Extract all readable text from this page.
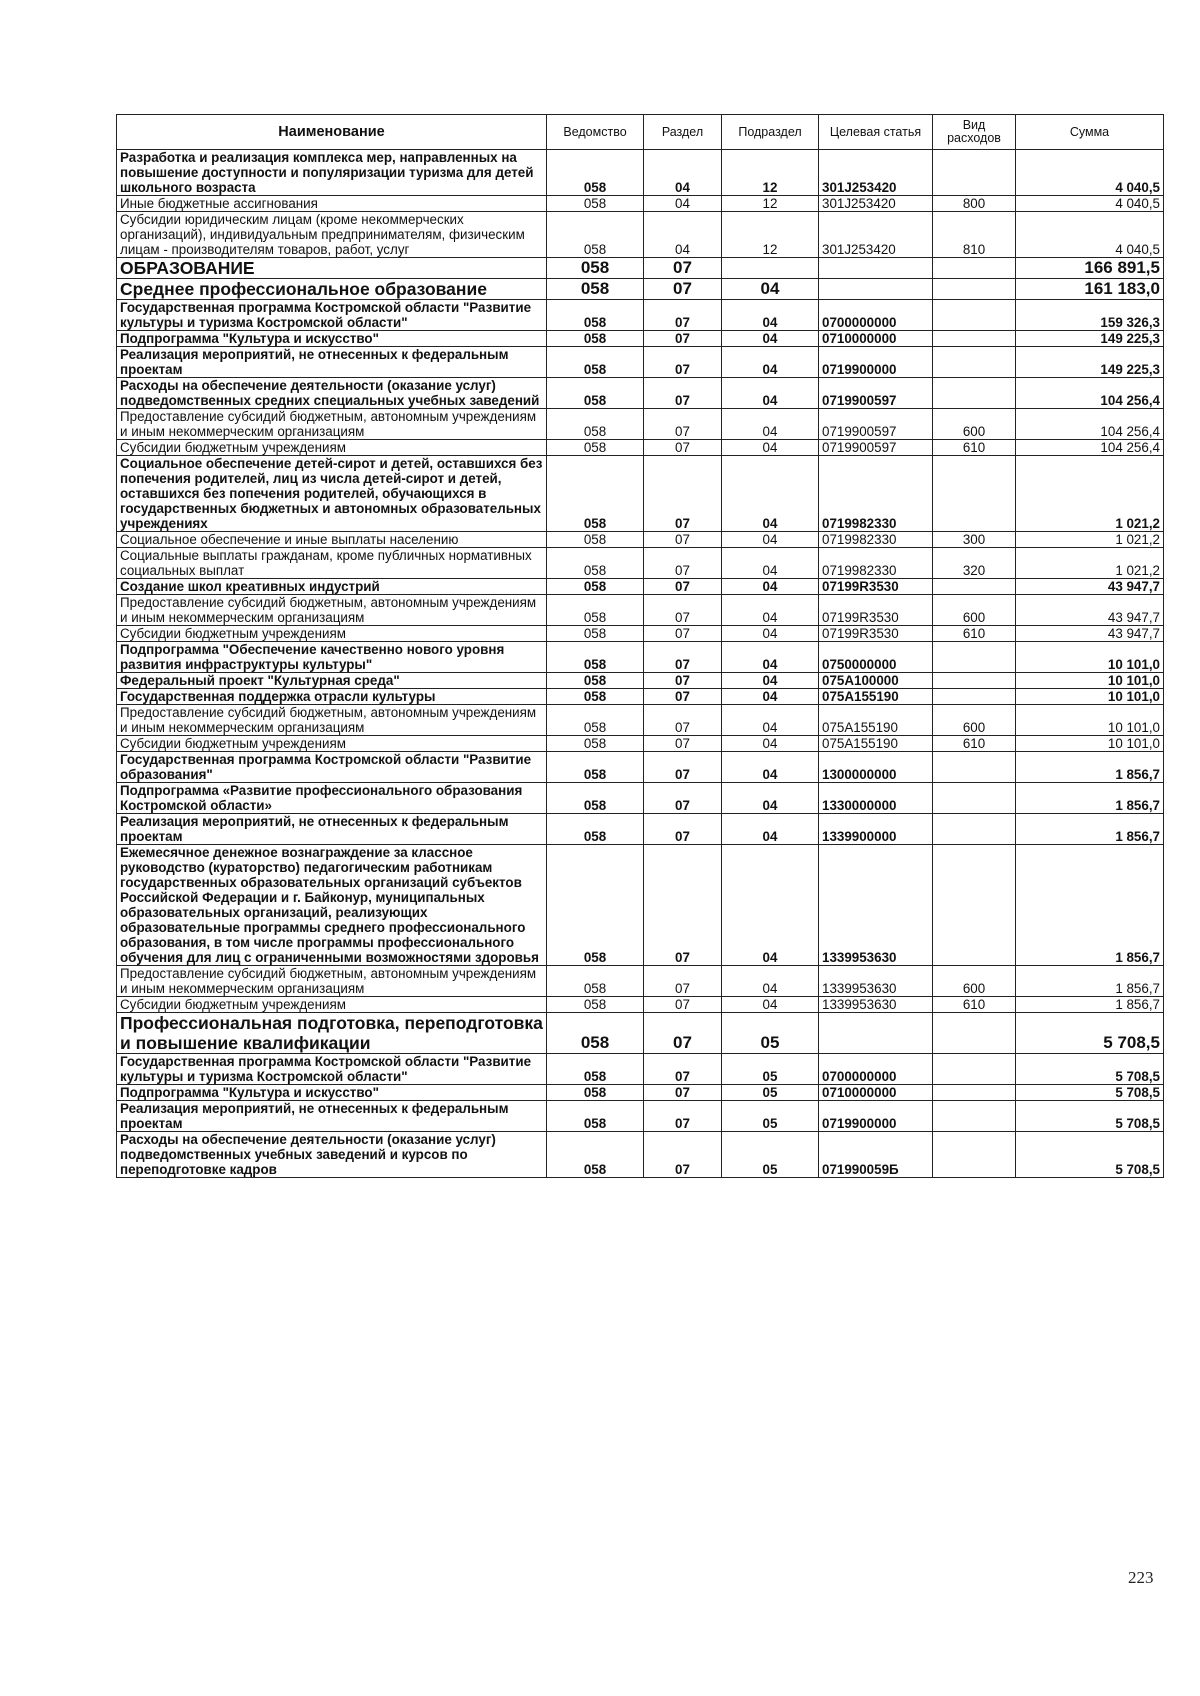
Наименование	Ведомство	Раздел	Подраздел	Целевая статья	Вид расходов	Сумма
Разработка и реализация комплекса мер, направленных на повышение доступности и популяризации туризма для детей школьного возраста	058	04	12	301J253420		4 040,5
Иные бюджетные ассигнования	058	04	12	301J253420	800	4 040,5
Субсидии юридическим лицам (кроме некоммерческих организаций), индивидуальным предпринимателям, физическим лицам - производителям товаров, работ, услуг	058	04	12	301J253420	810	4 040,5
ОБРАЗОВАНИЕ	058	07				166 891,5
Среднее профессиональное образование	058	07	04			161 183,0
Государственная программа Костромской области "Развитие культуры и туризма Костромской области"	058	07	04	0700000000		159 326,3
Подпрограмма "Культура и искусство"	058	07	04	0710000000		149 225,3
Реализация мероприятий, не отнесенных к федеральным проектам	058	07	04	0719900000		149 225,3
Расходы на обеспечение деятельности (оказание услуг) подведомственных средних специальных учебных заведений	058	07	04	0719900597		104 256,4
Предоставление субсидий бюджетным, автономным учреждениям и иным некоммерческим организациям	058	07	04	0719900597	600	104 256,4
Субсидии бюджетным учреждениям	058	07	04	0719900597	610	104 256,4
Социальное обеспечение детей-сирот и детей, оставшихся без попечения родителей, лиц из числа детей-сирот и детей, оставшихся без попечения родителей, обучающихся в государственных бюджетных и автономных образовательных учреждениях	058	07	04	0719982330		1 021,2
Социальное обеспечение и иные выплаты населению	058	07	04	0719982330	300	1 021,2
Социальные выплаты гражданам, кроме публичных нормативных социальных выплат	058	07	04	0719982330	320	1 021,2
Создание школ креативных индустрий	058	07	04	07199R3530		43 947,7
Предоставление субсидий бюджетным, автономным учреждениям и иным некоммерческим организациям	058	07	04	07199R3530	600	43 947,7
Субсидии бюджетным учреждениям	058	07	04	07199R3530	610	43 947,7
Подпрограмма "Обеспечение качественно нового уровня развития инфраструктуры культуры"	058	07	04	0750000000		10 101,0
Федеральный проект "Культурная среда"	058	07	04	075A100000		10 101,0
Государственная поддержка отрасли культуры	058	07	04	075A155190		10 101,0
Предоставление субсидий бюджетным, автономным учреждениям и иным некоммерческим организациям	058	07	04	075A155190	600	10 101,0
Субсидии бюджетным учреждениям	058	07	04	075A155190	610	10 101,0
Государственная программа Костромской области "Развитие образования"	058	07	04	1300000000		1 856,7
Подпрограмма «Развитие профессионального образования Костромской области»	058	07	04	1330000000		1 856,7
Реализация мероприятий, не отнесенных к федеральным проектам	058	07	04	1339900000		1 856,7
Ежемесячное денежное вознаграждение за классное руководство (кураторство) педагогическим работникам государственных образовательных организаций субъектов Российской Федерации и г. Байконур, муниципальных образовательных организаций, реализующих образовательные программы среднего профессионального образования, в том числе программы профессионального обучения для лиц с ограниченными возможностями здоровья	058	07	04	1339953630		1 856,7
Предоставление субсидий бюджетным, автономным учреждениям и иным некоммерческим организациям	058	07	04	1339953630	600	1 856,7
Субсидии бюджетным учреждениям	058	07	04	1339953630	610	1 856,7
Профессиональная подготовка, переподготовка и повышение квалификации	058	07	05			5 708,5
Государственная программа Костромской области "Развитие культуры и туризма Костромской области"	058	07	05	0700000000		5 708,5
Подпрограмма "Культура и искусство"	058	07	05	0710000000		5 708,5
Реализация мероприятий, не отнесенных к федеральным проектам	058	07	05	0719900000		5 708,5
Расходы на обеспечение деятельности (оказание услуг) подведомственных учебных заведений и курсов по переподготовке кадров	058	07	05	071990059Б		5 708,5
223
